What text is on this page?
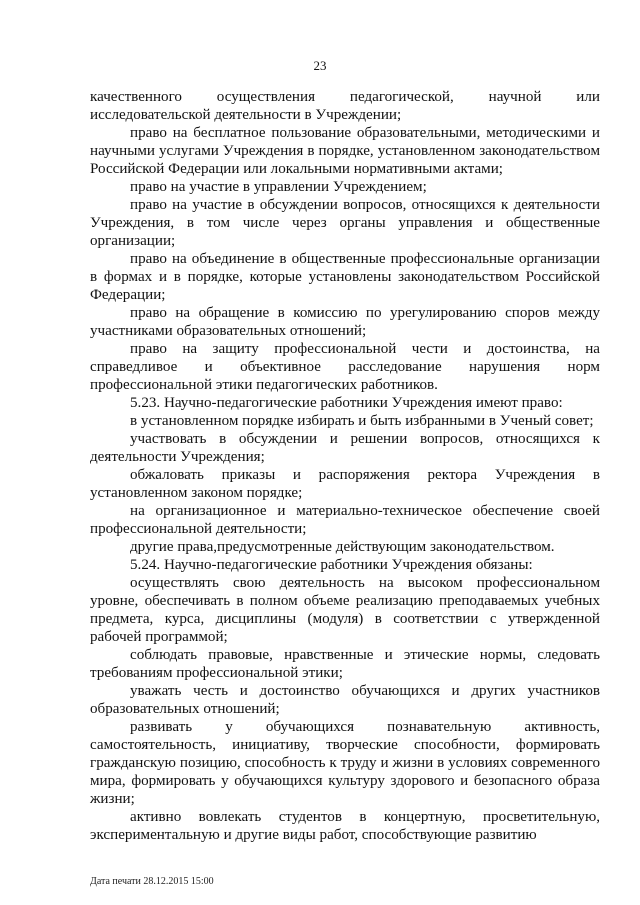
23

качественного осуществления педагогической, научной или исследовательской деятельности в Учреждении;

право на бесплатное пользование образовательными, методическими и научными услугами Учреждения в порядке, установленном законодательством Российской Федерации или локальными нормативными актами;

право на участие в управлении Учреждением;

право на участие в обсуждении вопросов, относящихся к деятельности Учреждения, в том числе через органы управления и общественные организации;

право на объединение в общественные профессиональные организации в формах и в порядке, которые установлены законодательством Российской Федерации;

право на обращение в комиссию по урегулированию споров между участниками образовательных отношений;

право на защиту профессиональной чести и достоинства, на справедливое и объективное расследование нарушения норм профессиональной этики педагогических работников.

5.23. Научно-педагогические работники Учреждения имеют право:

в установленном порядке избирать и быть избранными в Ученый совет;

участвовать в обсуждении и решении вопросов, относящихся к деятельности Учреждения;

обжаловать приказы и распоряжения ректора Учреждения в установленном законом порядке;

на организационное и материально-техническое обеспечение своей профессиональной деятельности;

другие права,предусмотренные действующим законодательством.

5.24. Научно-педагогические работники Учреждения обязаны:

осуществлять свою деятельность на высоком профессиональном уровне, обеспечивать в полном объеме реализацию преподаваемых учебных предмета, курса, дисциплины (модуля) в соответствии с утвержденной рабочей программой;

соблюдать правовые, нравственные и этические нормы, следовать требованиям профессиональной этики;

уважать честь и достоинство обучающихся и других участников образовательных отношений;

развивать у обучающихся познавательную активность, самостоятельность, инициативу, творческие способности, формировать гражданскую позицию, способность к труду и жизни в условиях современного мира, формировать у обучающихся культуру здорового и безопасного образа жизни;

активно вовлекать студентов в концертную, просветительную, экспериментальную и другие виды работ, способствующие развитию

Дата печати 28.12.2015 15:00
